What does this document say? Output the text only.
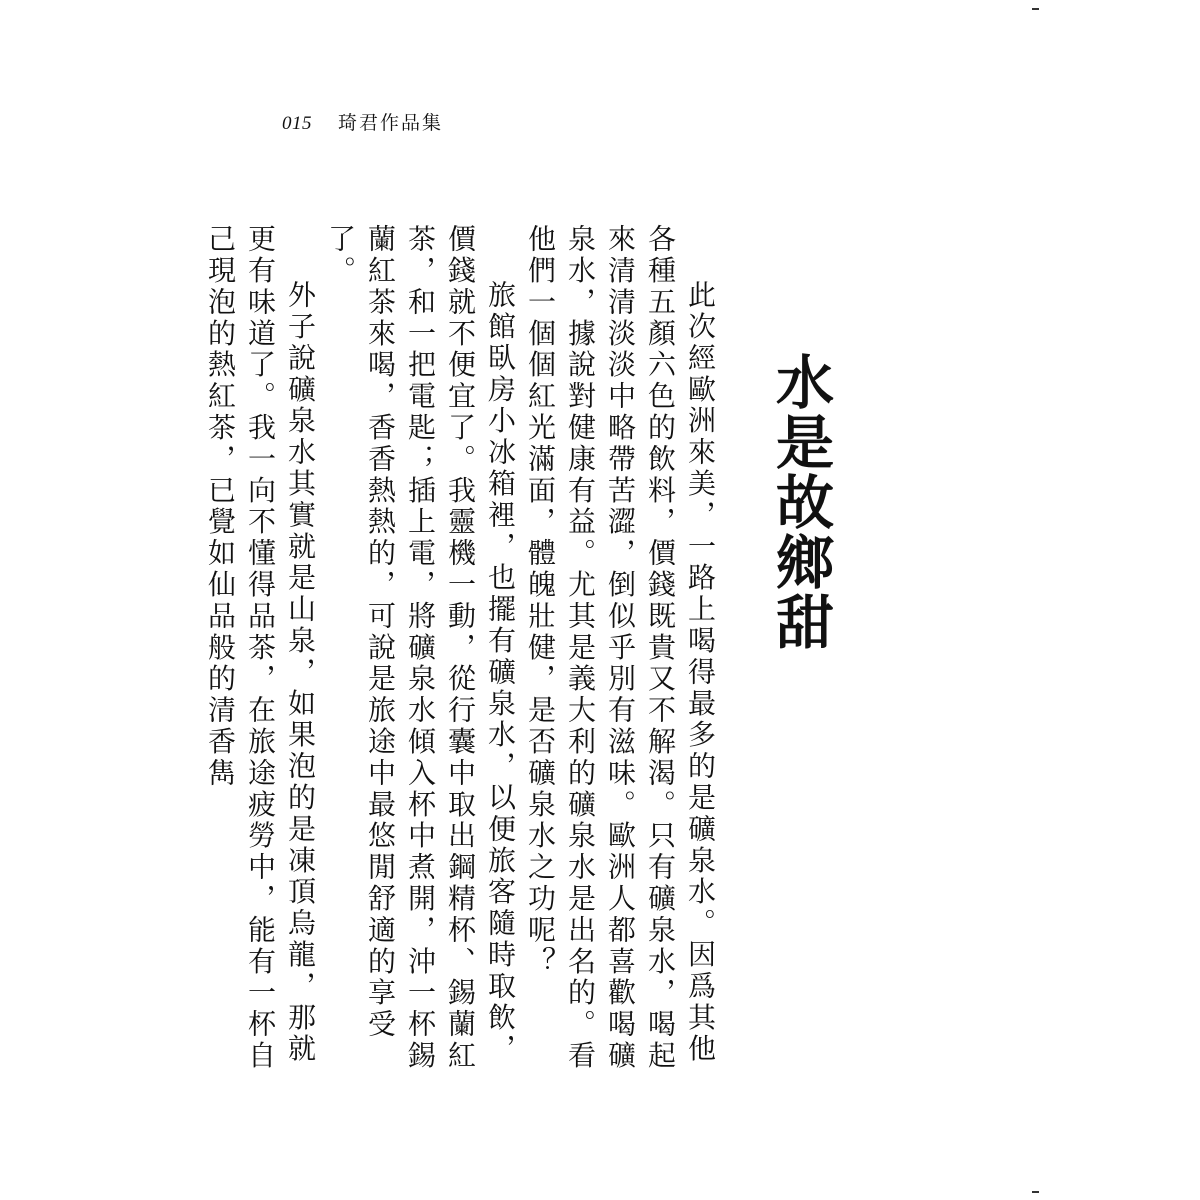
015 琦君作品集
水是故鄉甜

此次經歐洲來美，一路上喝得最多的是礦泉水。因爲其他各種五顏六色的飲料，價錢既貴又不解渴。只有礦泉水，喝起來清清淡淡中略帶苦澀，倒似乎別有滋味。歐洲人都喜歡喝礦泉水，據說對健康有益。尤其是義大利的礦泉水是出名的。看他們一個個紅光滿面，體魄壯健，是否礦泉水之功呢？

旅館臥房小冰箱裡，也擺有礦泉水，以便旅客隨時取飲，價錢就不便宜了。我靈機一動，從行囊中取出鋼精杯、錫蘭紅茶，和一把電匙；插上電，將礦泉水傾入杯中煮開，沖一杯錫蘭紅茶來喝，香香熱熱的，可說是旅途中最悠閒舒適的享受了。

外子說礦泉水其實就是山泉，如果泡的是凍頂烏龍，那就更有味道了。我一向不懂得品茶，在旅途疲勞中，能有一杯自己現泡的熱紅茶，已覺如仙品般的清香雋
